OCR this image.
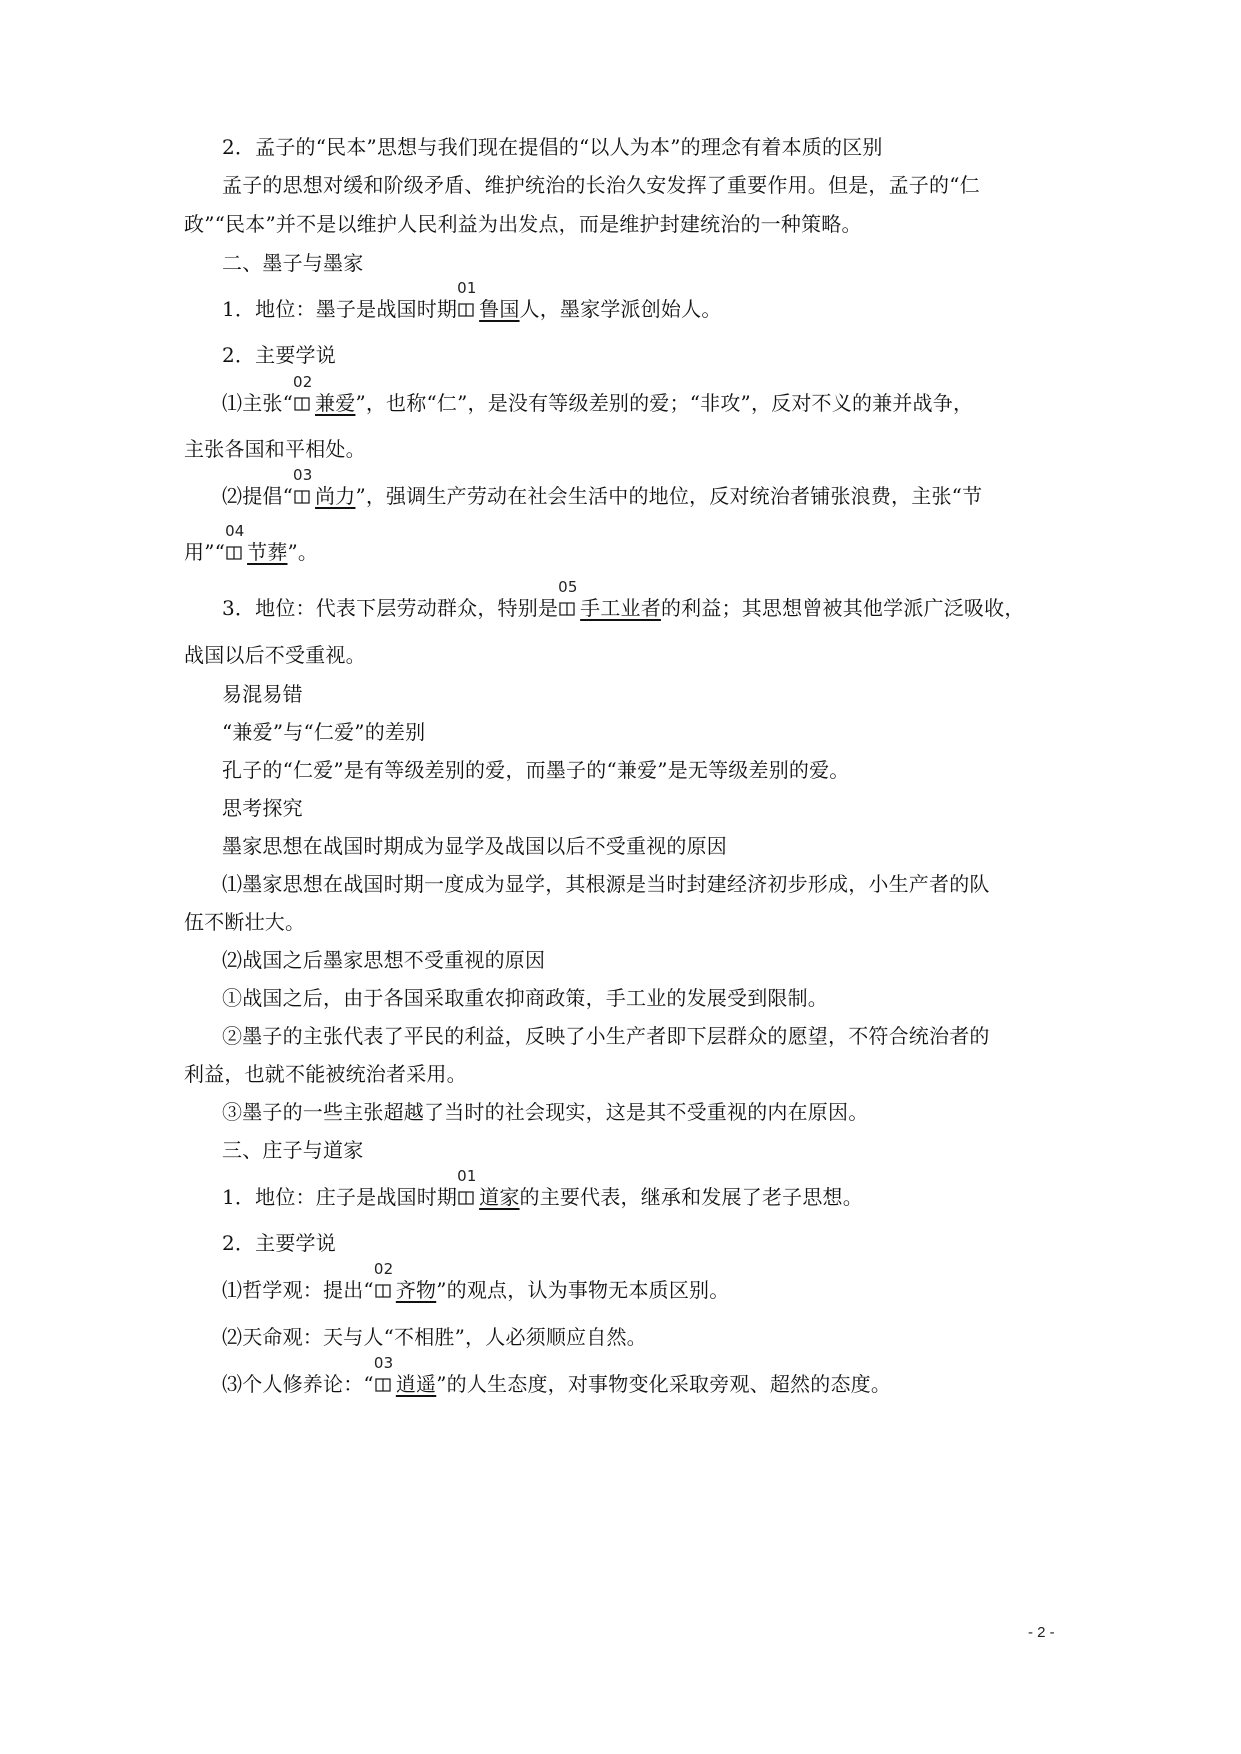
2．孟子的“民本”思想与我们现在提倡的“以人为本”的理念有着本质的区别
孟子的思想对缓和阶级矛盾、维护统治的长治久安发挥了重要作用。但是，孟子的“仁
政”“民本”并不是以维护人民利益为出发点，而是维护封建统治的一种策略。
二、墨子与墨家
1．地位：墨子是战国时期
01
鲁国人，墨家学派创始人。
2．主要学说
⑴主张“
02
兼爱”，也称“仁”，是没有等级差别的爱；“非攻”，反对不义的兼并战争，
主张各国和平相处。
⑵提倡“
03
尚力”，强调生产劳动在社会生活中的地位，反对统治者铺张浪费，主张“节
用”“
04
节葬”。
3．地位：代表下层劳动群众，特别是
05
手工业者的利益；其思想曾被其他学派广泛吸收，
战国以后不受重视。
易混易错
“兼爱”与“仁爱”的差别
孔子的“仁爱”是有等级差别的爱，而墨子的“兼爱”是无等级差别的爱。
思考探究
墨家思想在战国时期成为显学及战国以后不受重视的原因
⑴墨家思想在战国时期一度成为显学，其根源是当时封建经济初步形成，小生产者的队
伍不断壮大。
⑵战国之后墨家思想不受重视的原因
①战国之后，由于各国采取重农抑商政策，手工业的发展受到限制。
②墨子的主张代表了平民的利益，反映了小生产者即下层群众的愿望，不符合统治者的
利益，也就不能被统治者采用。
③墨子的一些主张超越了当时的社会现实，这是其不受重视的内在原因。
三、庄子与道家
1．地位：庄子是战国时期
01
道家的主要代表，继承和发展了老子思想。
2．主要学说
⑴哲学观：提出“
02
齐物”的观点，认为事物无本质区别。
⑵天命观：天与人“不相胜”，人必须顺应自然。
⑶个人修养论：“
03
逍遥”的人生态度，对事物变化采取旁观、超然的态度。
- 2 -
